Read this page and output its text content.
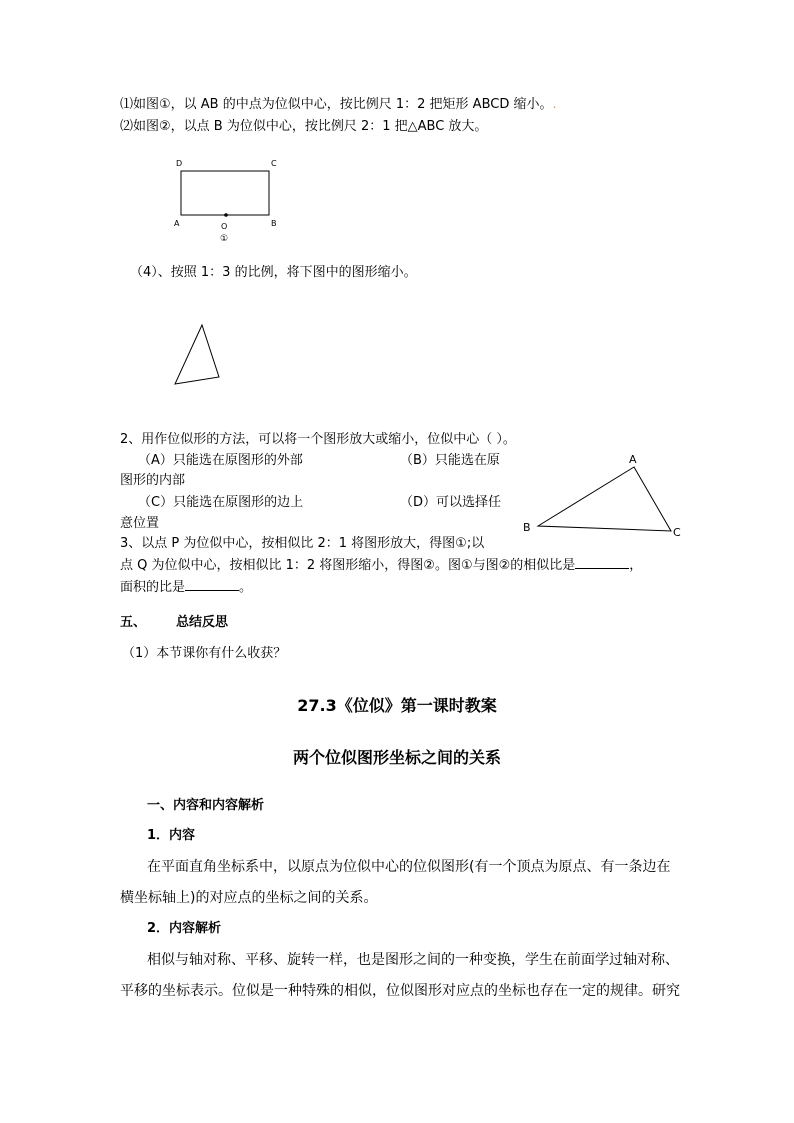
⑴如图①，以 AB 的中点为位似中心，按比例尺 1：2 把矩形 ABCD 缩小。.
⑵如图②，以点 B 为位似中心，按比例尺 2：1 把△ABC 放大。
D	C
A	B
O
①
（4）、按照 1：3 的比例，将下图中的图形缩小。
2、用作位似形的方法，可以将一个图形放大或缩小，位似中心（ ）。
（A）只能选在原图形的外部	（B）只能选在原
图形的内部
（C）只能选在原图形的边上	（D）可以选择任
意位置
A
B	C
3、以点 P 为位似中心，按相似比 2：1 将图形放大，得图①;以
点 Q 为位似中心，按相似比 1：2 将图形缩小，得图②。图①与图②的相似比是	，
面积的比是	。
五、 总结反思
（1）本节课你有什么收获？
27.3《位似》第一课时教案
两个位似图形坐标之间的关系
一、内容和内容解析
1．内容
在平面直角坐标系中，以原点为位似中心的位似图形(有一个顶点为原点、有一条边在
横坐标轴上)的对应点的坐标之间的关系。
2．内容解析
相似与轴对称、平移、旋转一样，也是图形之间的一种变换，学生在前面学过轴对称、
平移的坐标表示。位似是一种特殊的相似，位似图形对应点的坐标也存在一定的规律。研究
